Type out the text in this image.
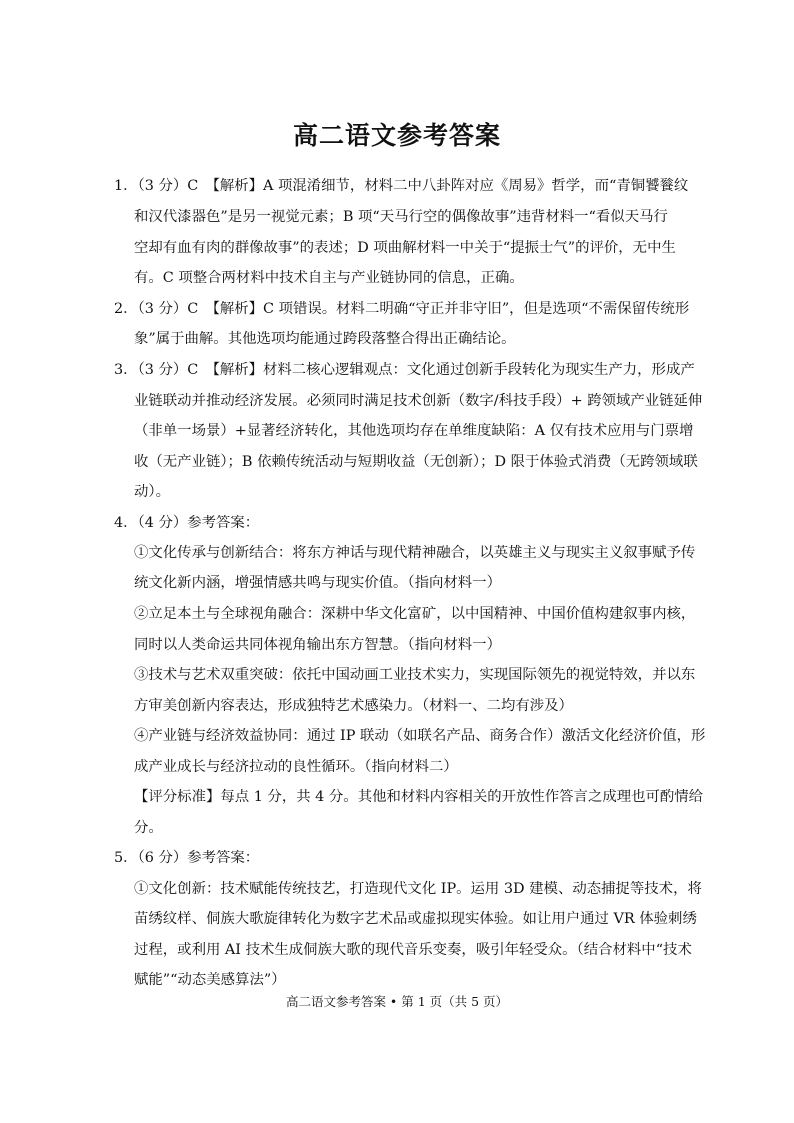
高二语文参考答案
1．（3 分）C　【解析】A 项混淆细节，材料二中八卦阵对应《周易》哲学，而“青铜饕餮纹
和汉代漆器色”是另一视觉元素；B 项“天马行空的偶像故事”违背材料一“看似天马行
空却有血有肉的群像故事”的表述；D 项曲解材料一中关于“提振士气”的评价，无中生
有。C 项整合两材料中技术自主与产业链协同的信息，正确。
2．（3 分）C　【解析】C 项错误。材料二明确“守正并非守旧”，但是选项“不需保留传统形
象”属于曲解。其他选项均能通过跨段落整合得出正确结论。
3．（3 分）C　【解析】材料二核心逻辑观点：文化通过创新手段转化为现实生产力，形成产
业链联动并推动经济发展。必须同时满足技术创新（数字/科技手段）+ 跨领域产业链延伸
（非单一场景）+显著经济转化，其他选项均存在单维度缺陷：A 仅有技术应用与门票增
收（无产业链）；B 依赖传统活动与短期收益（无创新）；D 限于体验式消费（无跨领域联
动）。
4．（4 分）参考答案：
①文化传承与创新结合：将东方神话与现代精神融合，以英雄主义与现实主义叙事赋予传
统文化新内涵，增强情感共鸣与现实价值。（指向材料一）
②立足本土与全球视角融合：深耕中华文化富矿，以中国精神、中国价值构建叙事内核，
同时以人类命运共同体视角输出东方智慧。（指向材料一）
③技术与艺术双重突破：依托中国动画工业技术实力，实现国际领先的视觉特效，并以东
方审美创新内容表达，形成独特艺术感染力。（材料一、二均有涉及）
④产业链与经济效益协同：通过 IP 联动（如联名产品、商务合作）激活文化经济价值，形
成产业成长与经济拉动的良性循环。（指向材料二）
【评分标准】每点 1 分，共 4 分。其他和材料内容相关的开放性作答言之成理也可酌情给
分。
5．（6 分）参考答案：
①文化创新：技术赋能传统技艺，打造现代文化 IP。运用 3D 建模、动态捕捉等技术，将
苗绣纹样、侗族大歌旋律转化为数字艺术品或虚拟现实体验。如让用户通过 VR 体验刺绣
过程，或利用 AI 技术生成侗族大歌的现代音乐变奏，吸引年轻受众。（结合材料中“技术
赋能”“动态美感算法”）
高二语文参考答案 • 第 1 页（共 5 页）
